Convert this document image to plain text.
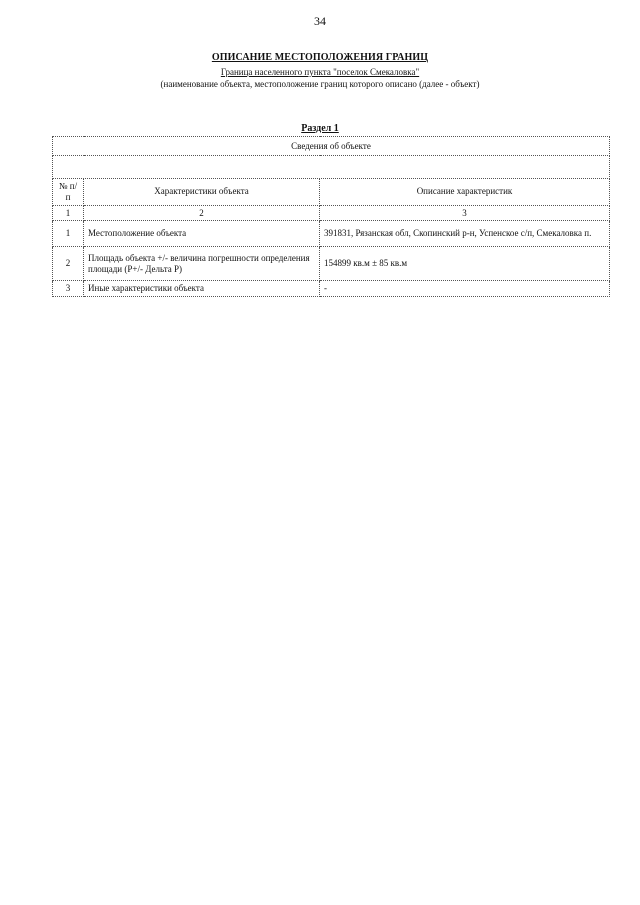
34
ОПИСАНИЕ МЕСТОПОЛОЖЕНИЯ ГРАНИЦ
Граница населенного пункта "поселок Смекаловка"
(наименование объекта, местоположение границ которого описано (далее - объект)
Раздел 1
Сведения об объекте		

№ п/п	Характеристики объекта	Описание характеристик
1	2	3
1	Местоположение объекта	391831, Рязанская обл, Скопинский р-н, Успенское с/п, Смекаловка п.
2	Площадь объекта +/- величина погрешности определения площади (Р+/- Дельта Р)	154899 кв.м ± 85 кв.м
3	Иные характеристики объекта	-
